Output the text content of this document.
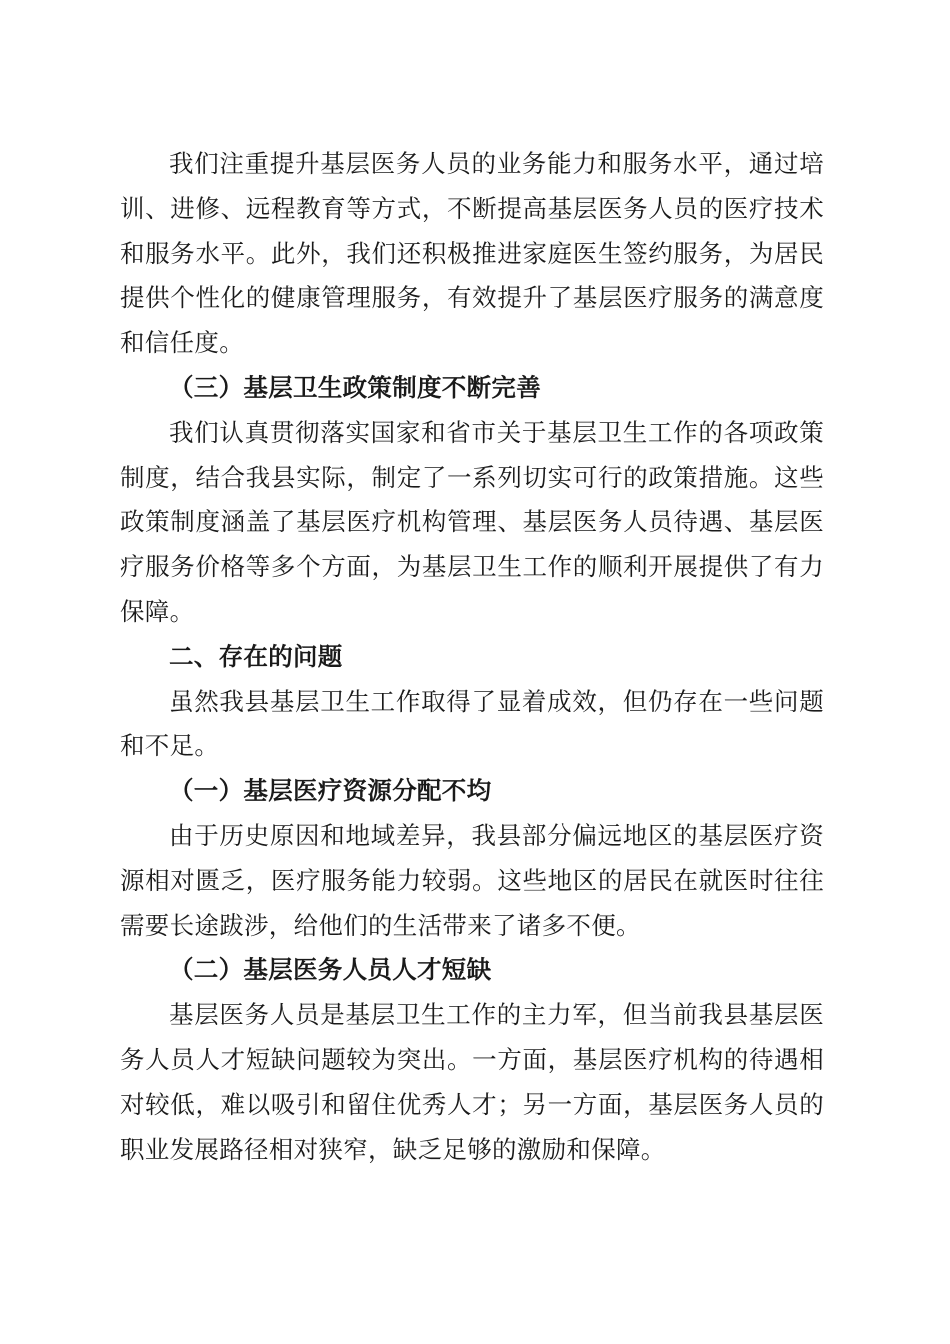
我们注重提升基层医务人员的业务能力和服务水平，通过培训、进修、远程教育等方式，不断提高基层医务人员的医疗技术和服务水平。此外，我们还积极推进家庭医生签约服务，为居民提供个性化的健康管理服务，有效提升了基层医疗服务的满意度和信任度。

（三）基层卫生政策制度不断完善

我们认真贯彻落实国家和省市关于基层卫生工作的各项政策制度，结合我县实际，制定了一系列切实可行的政策措施。这些政策制度涵盖了基层医疗机构管理、基层医务人员待遇、基层医疗服务价格等多个方面，为基层卫生工作的顺利开展提供了有力保障。

二、存在的问题

虽然我县基层卫生工作取得了显着成效，但仍存在一些问题和不足。

（一）基层医疗资源分配不均

由于历史原因和地域差异，我县部分偏远地区的基层医疗资源相对匮乏，医疗服务能力较弱。这些地区的居民在就医时往往需要长途跋涉，给他们的生活带来了诸多不便。

（二）基层医务人员人才短缺

基层医务人员是基层卫生工作的主力军，但当前我县基层医务人员人才短缺问题较为突出。一方面，基层医疗机构的待遇相对较低，难以吸引和留住优秀人才；另一方面，基层医务人员的职业发展路径相对狭窄，缺乏足够的激励和保障。
